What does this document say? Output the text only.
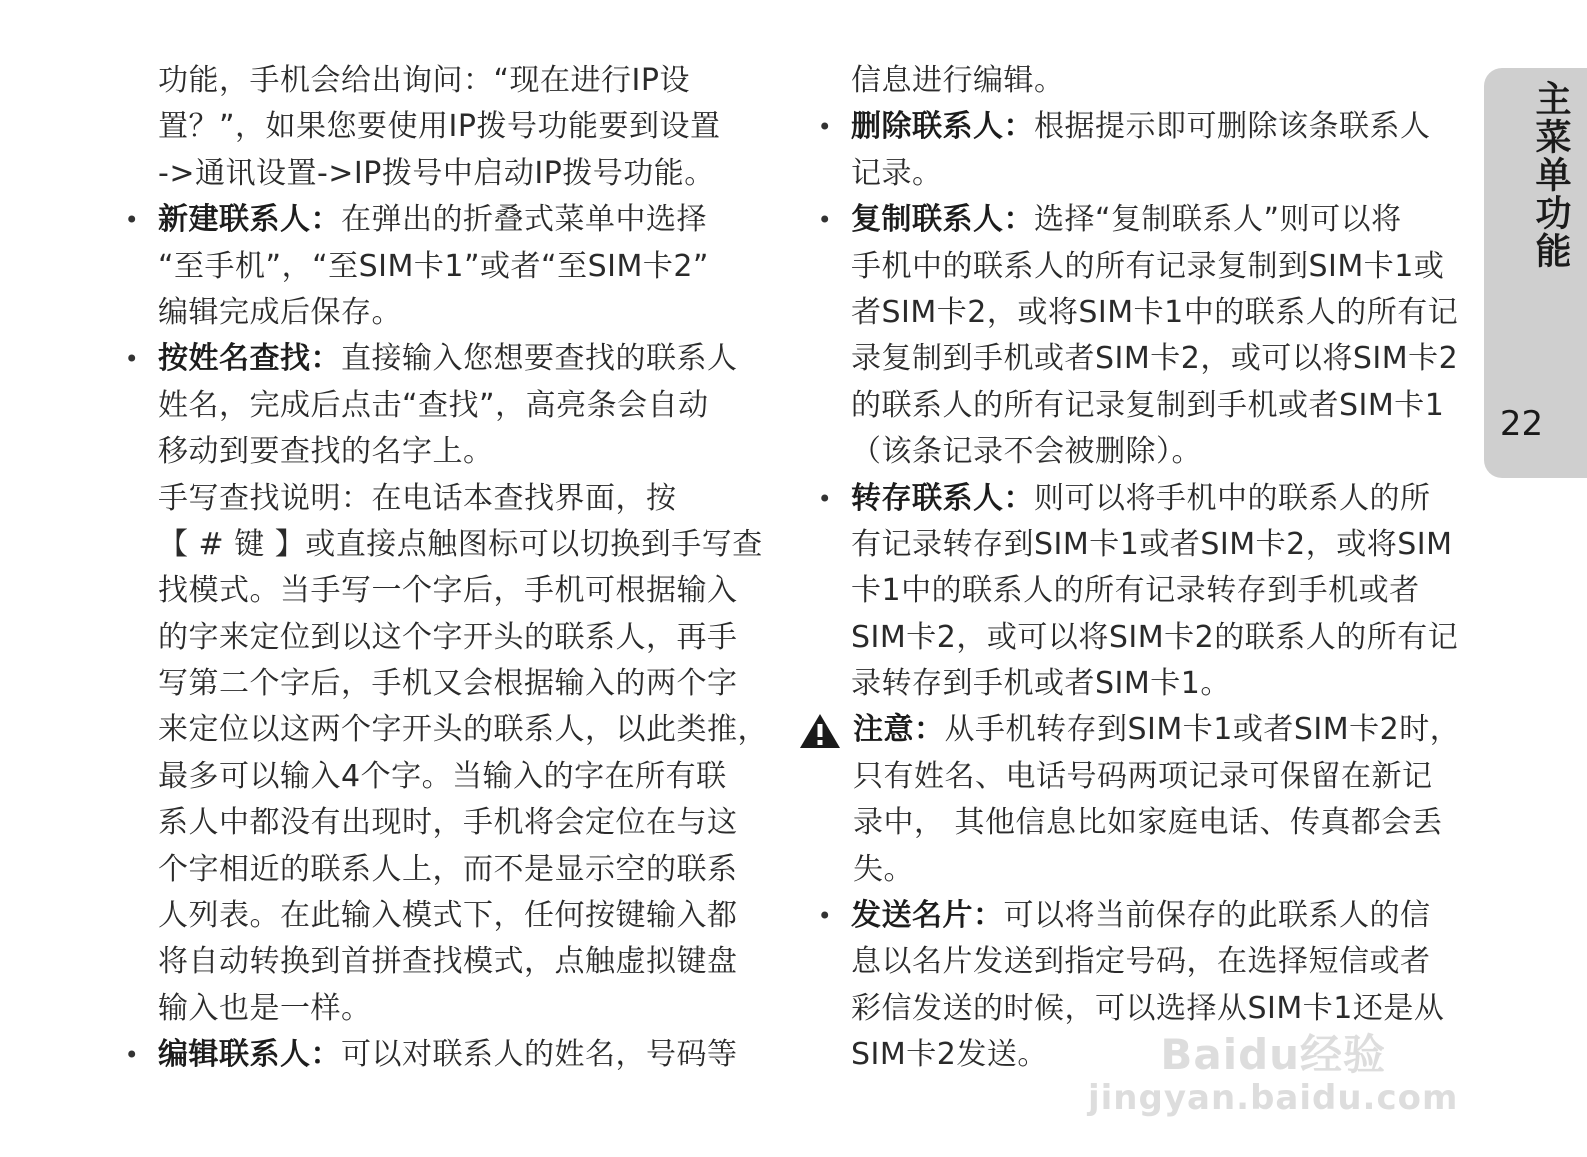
主菜单功能
22
功能，手机会给出询问：“现在进行IP设
置？”，如果您要使用IP拨号功能要到设置
->通讯设置->IP拨号中启动IP拨号功能。
• 新建联系人：在弹出的折叠式菜单中选择
“至手机”，“至SIM卡1”或者“至SIM卡2”
编辑完成后保存。
• 按姓名查找：直接输入您想要查找的联系人
姓名，完成后点击“查找”，高亮条会自动
移动到要查找的名字上。
手写查找说明：在电话本查找界面，按
【 # 键 】或直接点触图标可以切换到手写查
找模式。当手写一个字后，手机可根据输入
的字来定位到以这个字开头的联系人，再手
写第二个字后，手机又会根据输入的两个字
来定位以这两个字开头的联系人，以此类推，
最多可以输入4个字。当输入的字在所有联
系人中都没有出现时，手机将会定位在与这
个字相近的联系人上，而不是显示空的联系
人列表。在此输入模式下，任何按键输入都
将自动转换到首拼查找模式，点触虚拟键盘
输入也是一样。
• 编辑联系人：可以对联系人的姓名，号码等
信息进行编辑。
• 删除联系人：根据提示即可删除该条联系人
记录。
• 复制联系人：选择“复制联系人”则可以将
手机中的联系人的所有记录复制到SIM卡1或
者SIM卡2，或将SIM卡1中的联系人的所有记
录复制到手机或者SIM卡2，或可以将SIM卡2
的联系人的所有记录复制到手机或者SIM卡1
（该条记录不会被删除）。
• 转存联系人：则可以将手机中的联系人的所
有记录转存到SIM卡1或者SIM卡2，或将SIM
卡1中的联系人的所有记录转存到手机或者
SIM卡2，或可以将SIM卡2的联系人的所有记
录转存到手机或者SIM卡1。
注意：从手机转存到SIM卡1或者SIM卡2时，
只有姓名、电话号码两项记录可保留在新记
录中， 其他信息比如家庭电话、传真都会丢
失。
• 发送名片：可以将当前保存的此联系人的信
息以名片发送到指定号码，在选择短信或者
彩信发送的时候，可以选择从SIM卡1还是从
SIM卡2发送。	Baidu经验
jingyan.baidu.com
